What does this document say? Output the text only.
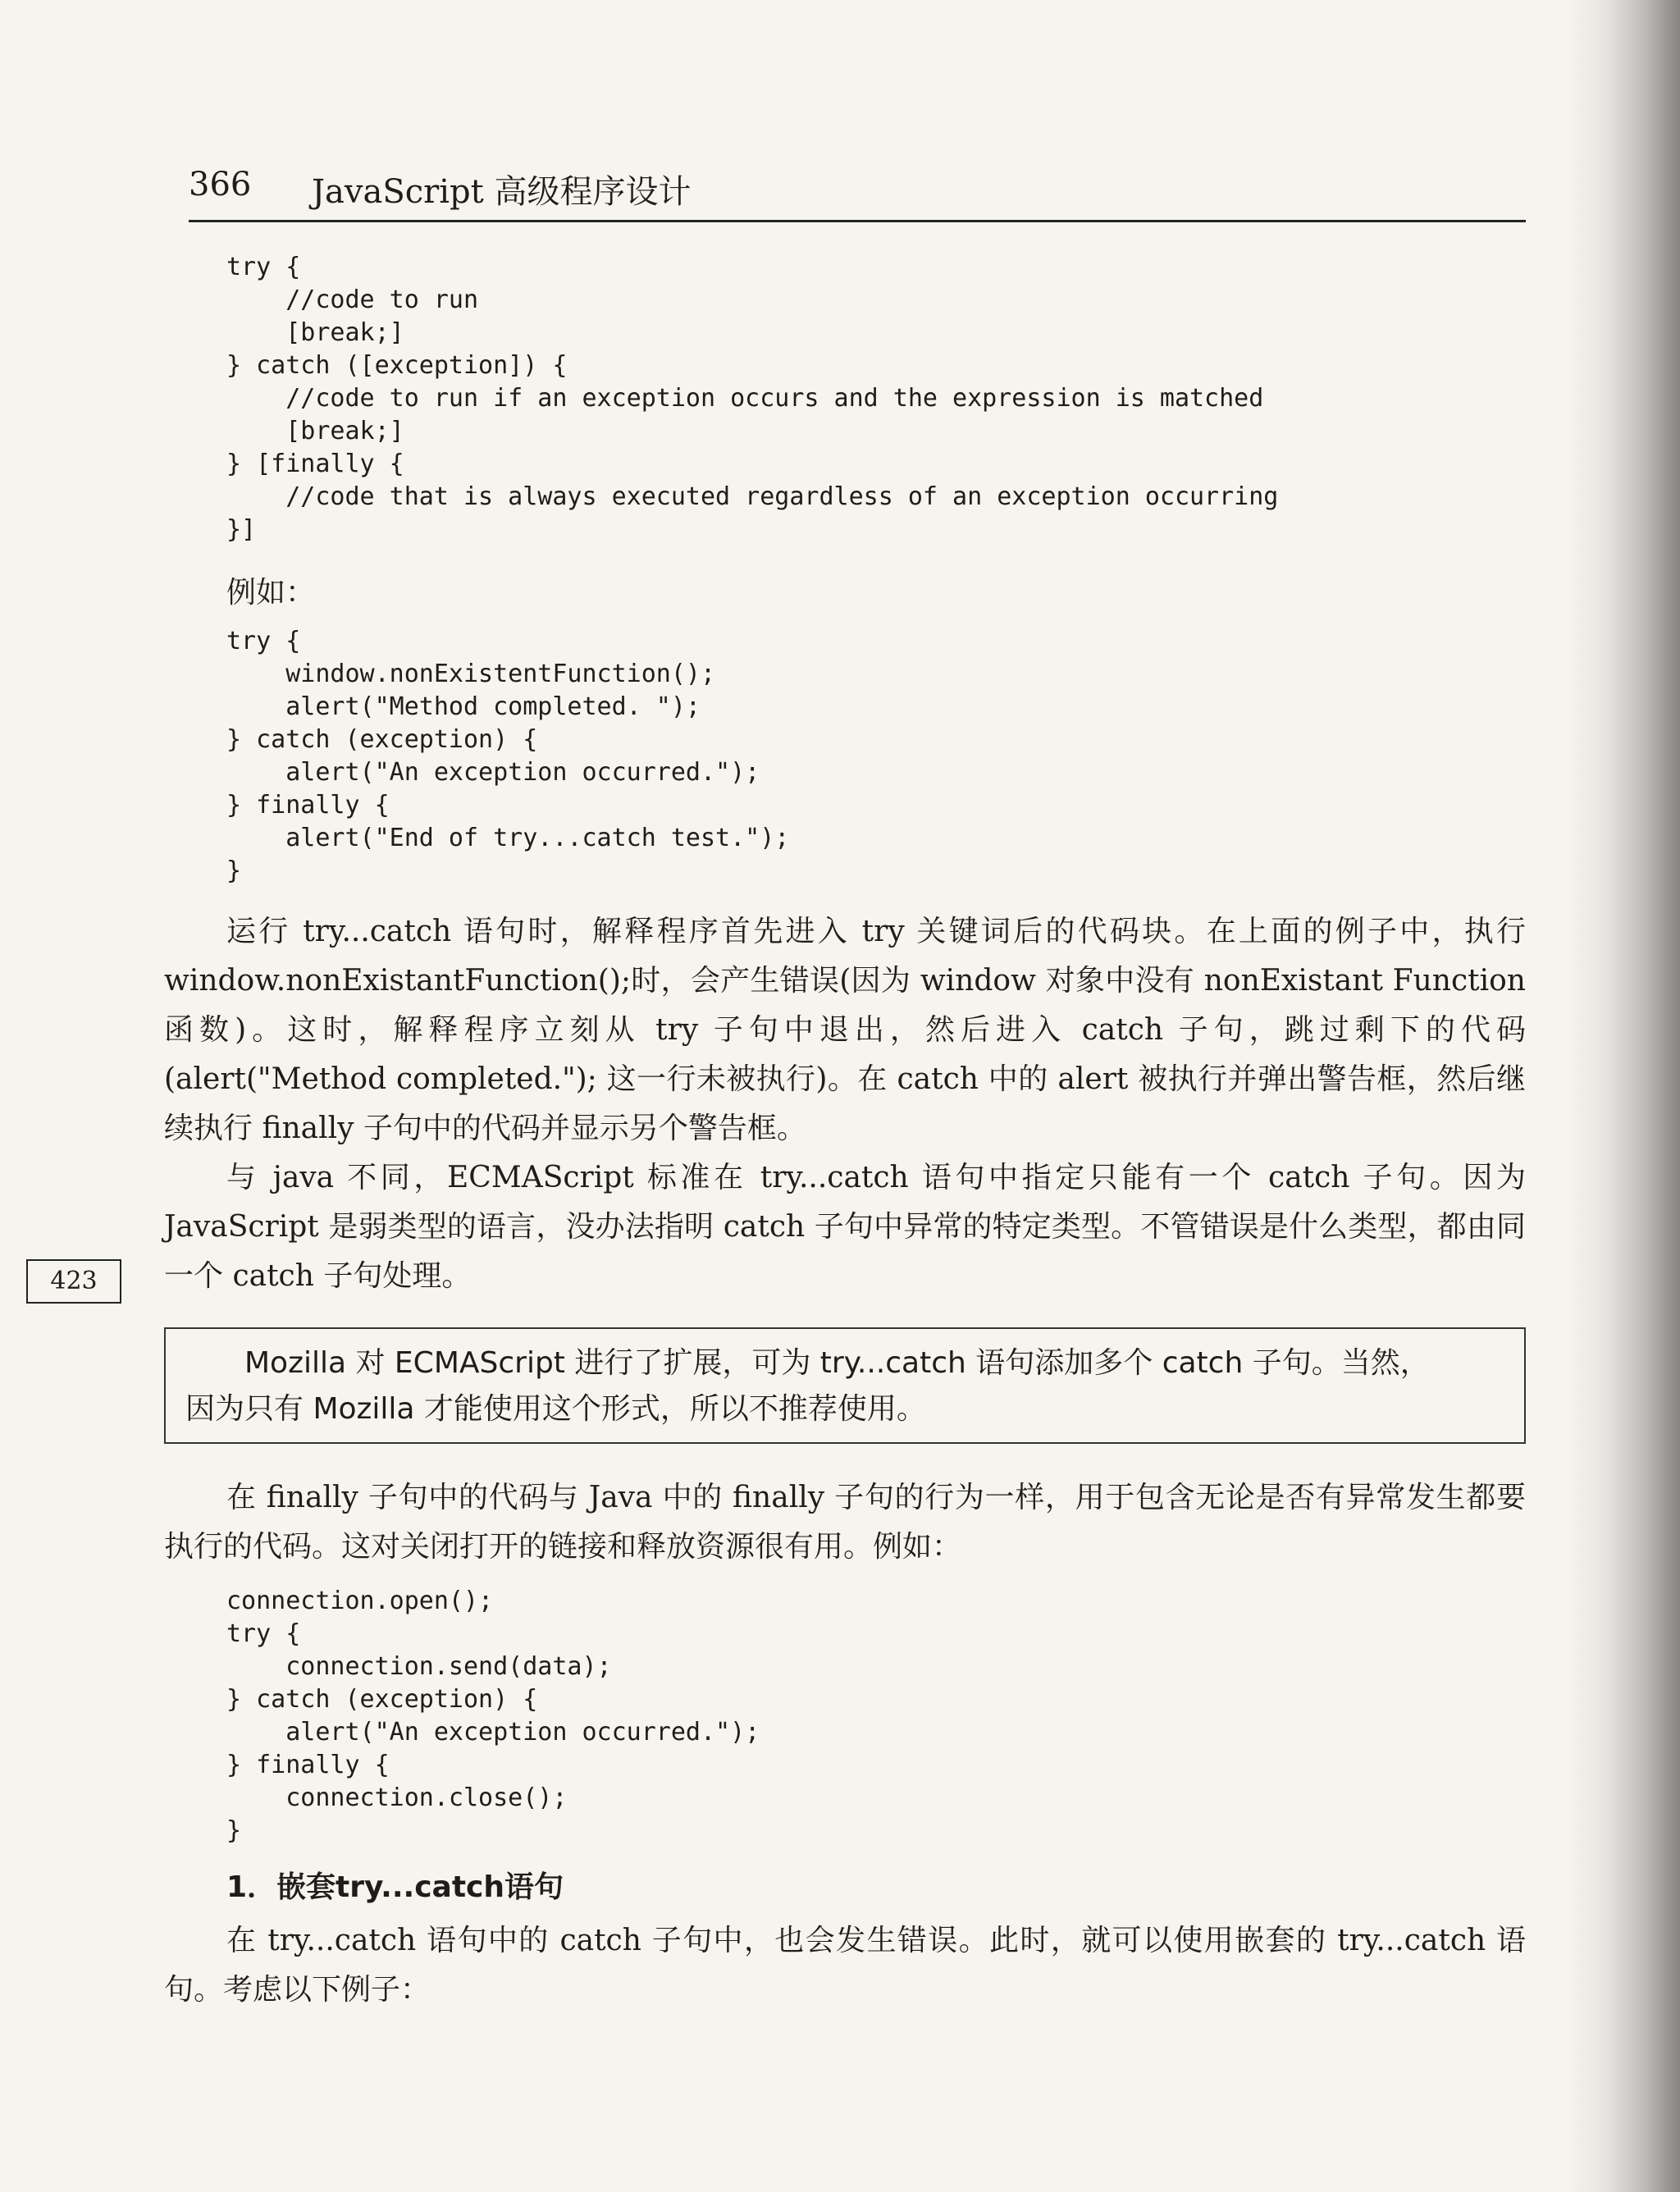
366 JavaScript 高级程序设计
try {
//code to run
[break;]
} catch ([exception]) {
//code to run if an exception occurs and the expression is matched
[break;]
} [finally {
//code that is always executed regardless of an exception occurring
}]
例如：
try {
window.nonExistentFunction();
alert("Method completed. ");
} catch (exception) {
alert("An exception occurred.");
} finally {
alert("End of try...catch test.");
}
运行 try...catch 语句时，解释程序首先进入 try 关键词后的代码块。在上面的例子中，执行 window.nonExistantFunction();时，会产生错误(因为 window 对象中没有 nonExistant Function 函数)。这时，解释程序立刻从 try 子句中退出，然后进入 catch 子句，跳过剩下的代码(alert("Method completed."); 这一行未被执行)。在 catch 中的 alert 被执行并弹出警告框，然后继续执行 finally 子句中的代码并显示另个警告框。
与 java 不同，ECMAScript 标准在 try...catch 语句中指定只能有一个 catch 子句。因为 JavaScript 是弱类型的语言，没办法指明 catch 子句中异常的特定类型。不管错误是什么类型，都由同一个 catch 子句处理。
423
Mozilla 对 ECMAScript 进行了扩展，可为 try...catch 语句添加多个 catch 子句。当然，
因为只有 Mozilla 才能使用这个形式，所以不推荐使用。
在 finally 子句中的代码与 Java 中的 finally 子句的行为一样，用于包含无论是否有异常发生都要执行的代码。这对关闭打开的链接和释放资源很有用。例如：
connection.open();
try {
connection.send(data);
} catch (exception) {
alert("An exception occurred.");
} finally {
connection.close();
}
1．嵌套try...catch语句
在 try...catch 语句中的 catch 子句中，也会发生错误。此时，就可以使用嵌套的 try...catch 语句。考虑以下例子：
